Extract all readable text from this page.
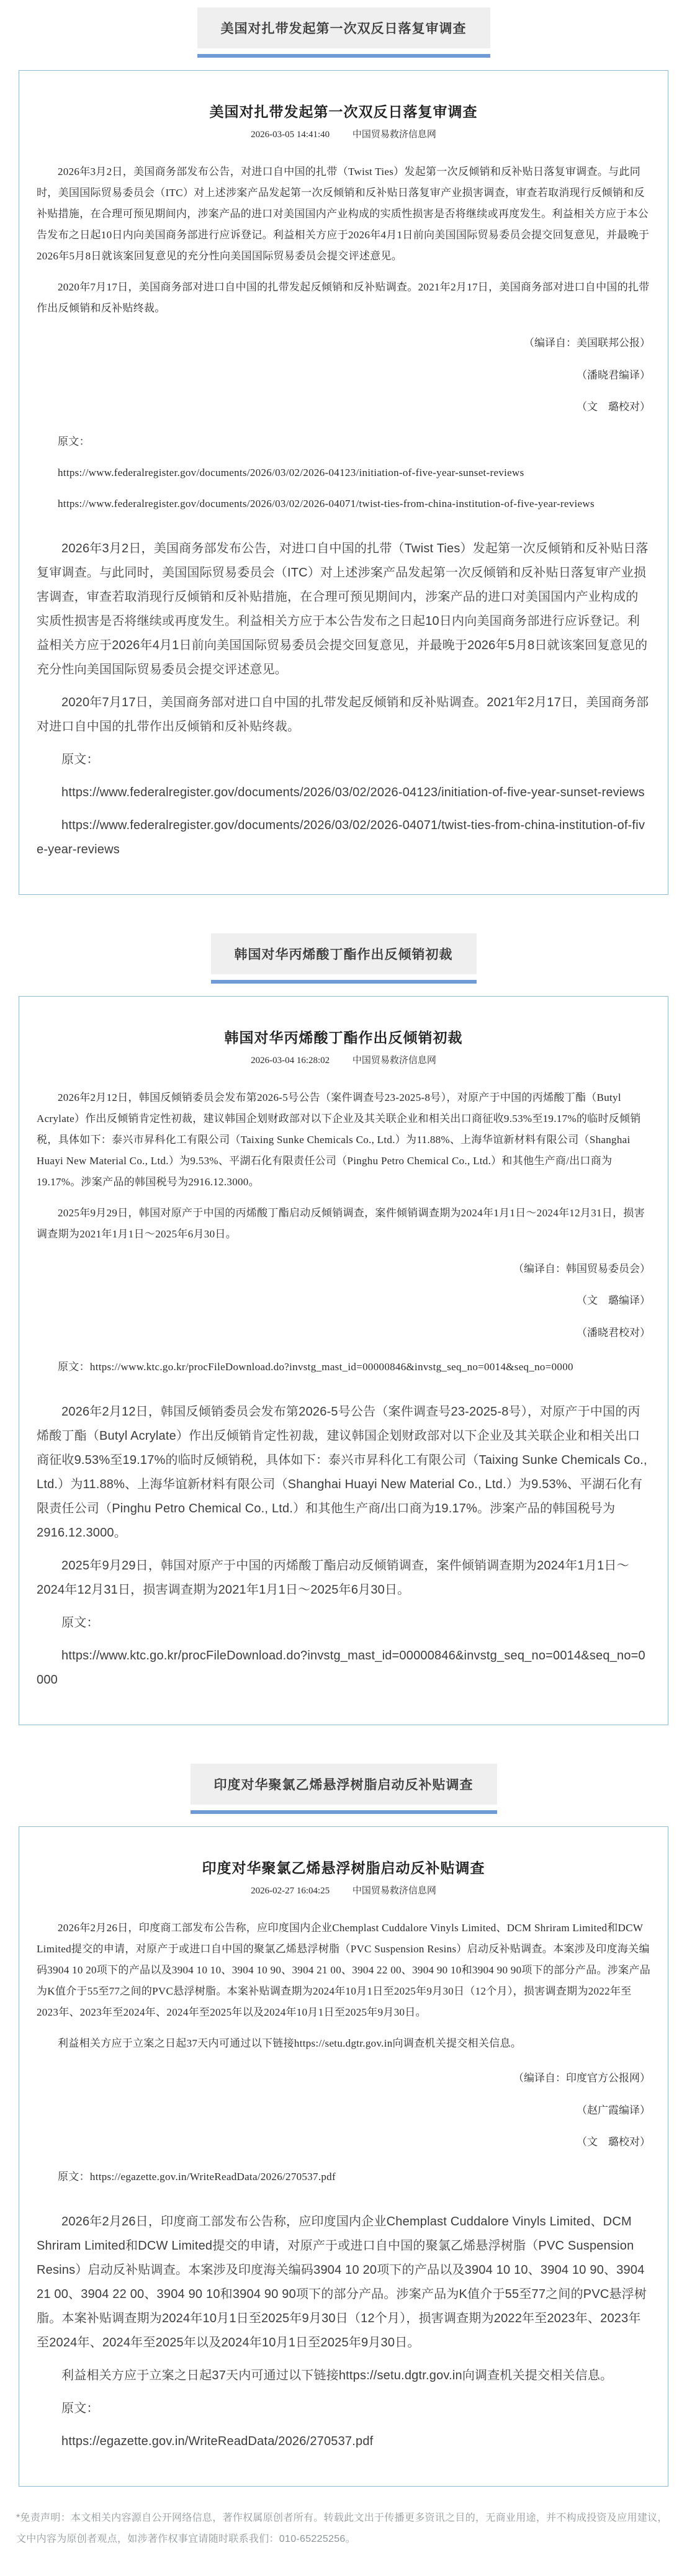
美国对扎带发起第一次双反日落复审调查
美国对扎带发起第一次双反日落复审调查
2026-03-05 14:41:40 中国贸易救济信息网

2026年3月2日，美国商务部发布公告，对进口自中国的扎带（Twist Ties）发起第一次反倾销和反补贴日落复审调查。与此同时，美国国际贸易委员会（ITC）对上述涉案产品发起第一次反倾销和反补贴日落复审产业损害调查，审查若取消现行反倾销和反补贴措施，在合理可预见期间内，涉案产品的进口对美国国内产业构成的实质性损害是否将继续或再度发生。利益相关方应于本公告发布之日起10日内向美国商务部进行应诉登记。利益相关方应于2026年4月1日前向美国国际贸易委员会提交回复意见，并最晚于2026年5月8日就该案回复意见的充分性向美国国际贸易委员会提交评述意见。

2020年7月17日，美国商务部对进口自中国的扎带发起反倾销和反补贴调查。2021年2月17日，美国商务部对进口自中国的扎带作出反倾销和反补贴终裁。

（编译自：美国联邦公报）

（潘晓君编译）

（文　璐校对）

原文：

https://www.federalregister.gov/documents/2026/03/02/2026-04123/initiation-of-five-year-sunset-reviews

https://www.federalregister.gov/documents/2026/03/02/2026-04071/twist-ties-from-china-institution-of-five-year-reviews

2026年3月2日，美国商务部发布公告，对进口自中国的扎带（Twist Ties）发起第一次反倾销和反补贴日落复审调查。与此同时，美国国际贸易委员会（ITC）对上述涉案产品发起第一次反倾销和反补贴日落复审产业损害调查，审查若取消现行反倾销和反补贴措施，在合理可预见期间内，涉案产品的进口对美国国内产业构成的实质性损害是否将继续或再度发生。利益相关方应于本公告发布之日起10日内向美国商务部进行应诉登记。利益相关方应于2026年4月1日前向美国国际贸易委员会提交回复意见，并最晚于2026年5月8日就该案回复意见的充分性向美国国际贸易委员会提交评述意见。

2020年7月17日，美国商务部对进口自中国的扎带发起反倾销和反补贴调查。2021年2月17日，美国商务部对进口自中国的扎带作出反倾销和反补贴终裁。

原文：

https://www.federalregister.gov/documents/2026/03/02/2026-04123/initiation-of-five-year-sunset-reviews

https://www.federalregister.gov/documents/2026/03/02/2026-04071/twist-ties-from-china-institution-of-five-year-reviews

韩国对华丙烯酸丁酯作出反倾销初裁
韩国对华丙烯酸丁酯作出反倾销初裁
2026-03-04 16:28:02 中国贸易救济信息网

2026年2月12日，韩国反倾销委员会发布第2026-5号公告（案件调查号23-2025-8号），对原产于中国的丙烯酸丁酯（Butyl Acrylate）作出反倾销肯定性初裁，建议韩国企划财政部对以下企业及其关联企业和相关出口商征收9.53%至19.17%的临时反倾销税，具体如下：泰兴市昇科化工有限公司（Taixing Sunke Chemicals Co., Ltd.）为11.88%、上海华谊新材料有限公司（Shanghai Huayi New Material Co., Ltd.）为9.53%、平湖石化有限责任公司（Pinghu Petro Chemical Co., Ltd.）和其他生产商/出口商为19.17%。涉案产品的韩国税号为2916.12.3000。

2025年9月29日，韩国对原产于中国的丙烯酸丁酯启动反倾销调查，案件倾销调查期为2024年1月1日～2024年12月31日，损害调查期为2021年1月1日～2025年6月30日。

（编译自：韩国贸易委员会）

（文　璐编译）

（潘晓君校对）

原文：https://www.ktc.go.kr/procFileDownload.do?invstg_mast_id=00000846&invstg_seq_no=0014&seq_no=0000

2026年2月12日，韩国反倾销委员会发布第2026-5号公告（案件调查号23-2025-8号），对原产于中国的丙烯酸丁酯（Butyl Acrylate）作出反倾销肯定性初裁，建议韩国企划财政部对以下企业及其关联企业和相关出口商征收9.53%至19.17%的临时反倾销税，具体如下：泰兴市昇科化工有限公司（Taixing Sunke Chemicals Co., Ltd.）为11.88%、上海华谊新材料有限公司（Shanghai Huayi New Material Co., Ltd.）为9.53%、平湖石化有限责任公司（Pinghu Petro Chemical Co., Ltd.）和其他生产商/出口商为19.17%。涉案产品的韩国税号为2916.12.3000。

2025年9月29日，韩国对原产于中国的丙烯酸丁酯启动反倾销调查，案件倾销调查期为2024年1月1日～2024年12月31日，损害调查期为2021年1月1日～2025年6月30日。

原文：

https://www.ktc.go.kr/procFileDownload.do?invstg_mast_id=00000846&invstg_seq_no=0014&seq_no=0000

印度对华聚氯乙烯悬浮树脂启动反补贴调查
印度对华聚氯乙烯悬浮树脂启动反补贴调查
2026-02-27 16:04:25 中国贸易救济信息网

2026年2月26日，印度商工部发布公告称，应印度国内企业Chemplast Cuddalore Vinyls Limited、DCM Shriram Limited和DCW Limited提交的申请，对原产于或进口自中国的聚氯乙烯悬浮树脂（PVC Suspension Resins）启动反补贴调查。本案涉及印度海关编码3904 10 20项下的产品以及3904 10 10、3904 10 90、3904 21 00、3904 22 00、3904 90 10和3904 90 90项下的部分产品。涉案产品为K值介于55至77之间的PVC悬浮树脂。本案补贴调查期为2024年10月1日至2025年9月30日（12个月），损害调查期为2022年至2023年、2023年至2024年、2024年至2025年以及2024年10月1日至2025年9月30日。

利益相关方应于立案之日起37天内可通过以下链接https://setu.dgtr.gov.in向调查机关提交相关信息。

（编译自：印度官方公报网）

（赵广霞编译）

（文　璐校对）

原文：https://egazette.gov.in/WriteReadData/2026/270537.pdf

2026年2月26日，印度商工部发布公告称，应印度国内企业Chemplast Cuddalore Vinyls Limited、DCM Shriram Limited和DCW Limited提交的申请，对原产于或进口自中国的聚氯乙烯悬浮树脂（PVC Suspension Resins）启动反补贴调查。本案涉及印度海关编码3904 10 20项下的产品以及3904 10 10、3904 10 90、3904 21 00、3904 22 00、3904 90 10和3904 90 90项下的部分产品。涉案产品为K值介于55至77之间的PVC悬浮树脂。本案补贴调查期为2024年10月1日至2025年9月30日（12个月），损害调查期为2022年至2023年、2023年至2024年、2024年至2025年以及2024年10月1日至2025年9月30日。

利益相关方应于立案之日起37天内可通过以下链接https://setu.dgtr.gov.in向调查机关提交相关信息。

原文：

https://egazette.gov.in/WriteReadData/2026/270537.pdf

*免责声明：本文相关内容源自公开网络信息，著作权属原创者所有。转载此文出于传播更多资讯之目的，无商业用途，并不构成投资及应用建议，文中内容为原创者观点，如涉著作权事宜请随时联系我们：010-65225256。
